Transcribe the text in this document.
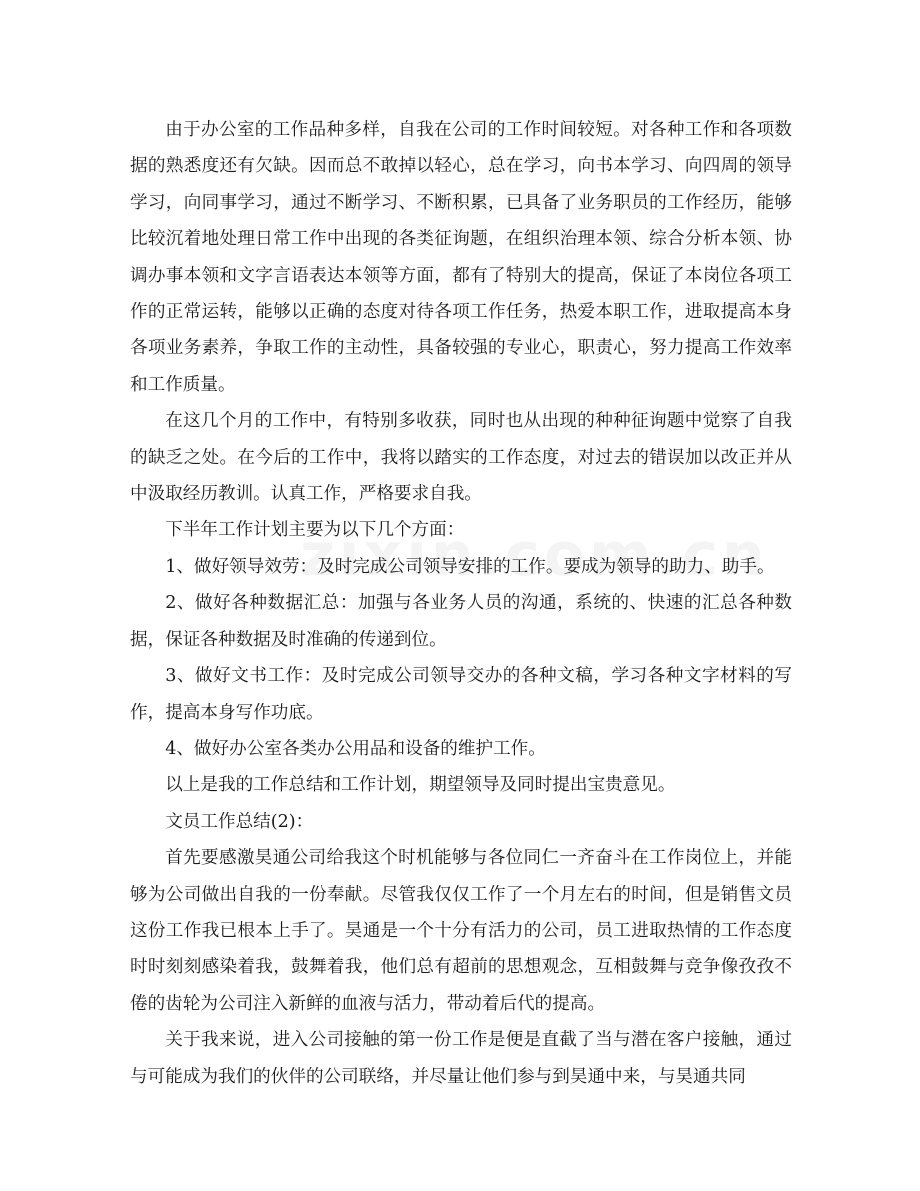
由于办公室的工作品种多样，自我在公司的工作时间较短。对各种工作和各项数据的熟悉度还有欠缺。因而总不敢掉以轻心，总在学习，向书本学习、向四周的领导学习，向同事学习，通过不断学习、不断积累，已具备了业务职员的工作经历，能够比较沉着地处理日常工作中出现的各类征询题，在组织治理本领、综合分析本领、协调办事本领和文字言语表达本领等方面，都有了特别大的提高，保证了本岗位各项工作的正常运转，能够以正确的态度对待各项工作任务，热爱本职工作，进取提高本身各项业务素养，争取工作的主动性，具备较强的专业心，职责心，努力提高工作效率和工作质量。

在这几个月的工作中，有特别多收获，同时也从出现的种种征询题中觉察了自我的缺乏之处。在今后的工作中，我将以踏实的工作态度，对过去的错误加以改正并从中汲取经历教训。认真工作，严格要求自我。

下半年工作计划主要为以下几个方面：

1、做好领导效劳：及时完成公司领导安排的工作。要成为领导的助力、助手。

2、做好各种数据汇总：加强与各业务人员的沟通，系统的、快速的汇总各种数据，保证各种数据及时准确的传递到位。

3、做好文书工作：及时完成公司领导交办的各种文稿，学习各种文字材料的写作，提高本身写作功底。

4、做好办公室各类办公用品和设备的维护工作。

以上是我的工作总结和工作计划，期望领导及同时提出宝贵意见。

文员工作总结(2)：

首先要感激昊通公司给我这个时机能够与各位同仁一齐奋斗在工作岗位上，并能够为公司做出自我的一份奉献。尽管我仅仅工作了一个月左右的时间，但是销售文员这份工作我已根本上手了。昊通是一个十分有活力的公司，员工进取热情的工作态度时时刻刻感染着我，鼓舞着我，他们总有超前的思想观念，互相鼓舞与竞争像孜孜不倦的齿轮为公司注入新鲜的血液与活力，带动着后代的提高。

关于我来说，进入公司接触的第一份工作是便是直截了当与潜在客户接触，通过与可能成为我们的伙伴的公司联络，并尽量让他们参与到昊通中来，与昊通共同
